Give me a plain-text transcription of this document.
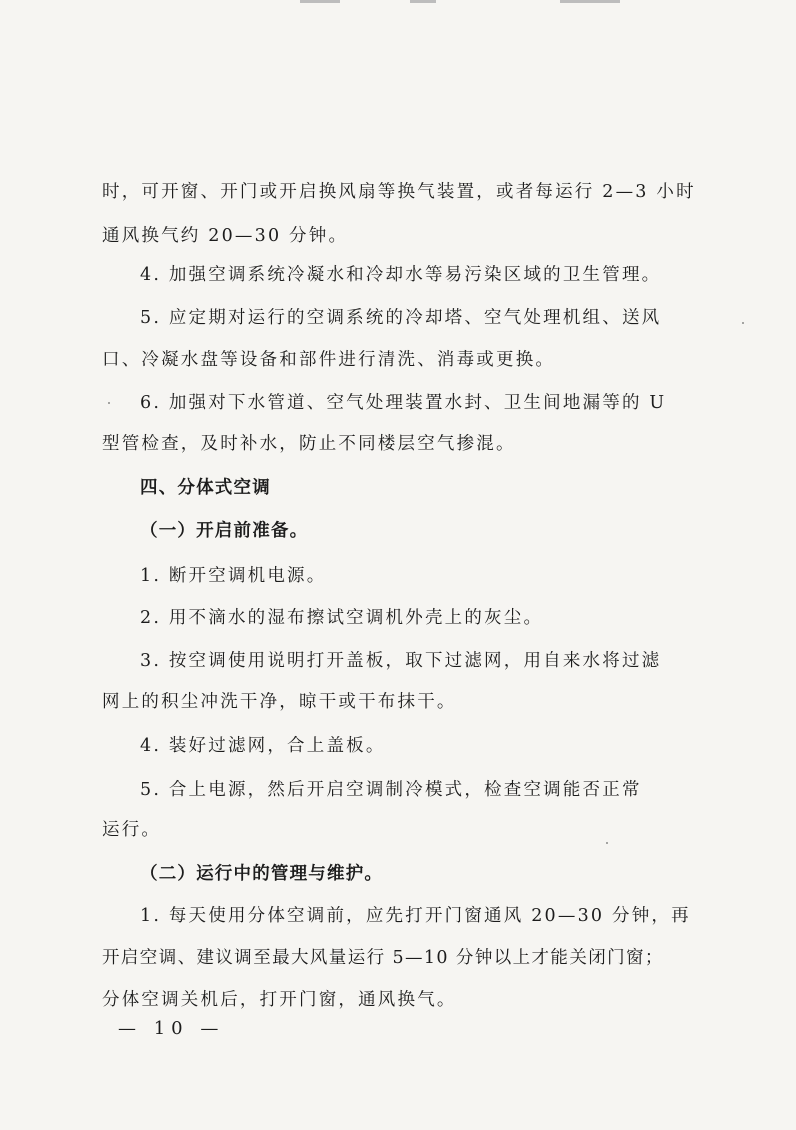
时，可开窗、开门或开启换风扇等换气装置，或者每运行 2—3 小时
通风换气约 20—30 分钟。
4. 加强空调系统冷凝水和冷却水等易污染区域的卫生管理。
5. 应定期对运行的空调系统的冷却塔、空气处理机组、送风
口、冷凝水盘等设备和部件进行清洗、消毒或更换。
6. 加强对下水管道、空气处理装置水封、卫生间地漏等的 U
型管检查，及时补水，防止不同楼层空气掺混。
四、分体式空调
（一）开启前准备。
1. 断开空调机电源。
2. 用不滴水的湿布擦试空调机外壳上的灰尘。
3. 按空调使用说明打开盖板，取下过滤网，用自来水将过滤
网上的积尘冲洗干净，晾干或干布抹干。
4. 装好过滤网，合上盖板。
5. 合上电源，然后开启空调制冷模式，检查空调能否正常
运行。
（二）运行中的管理与维护。
1. 每天使用分体空调前，应先打开门窗通风 20—30 分钟，再
开启空调、建议调至最大风量运行 5—10 分钟以上才能关闭门窗；
分体空调关机后，打开门窗，通风换气。
— 10 —
